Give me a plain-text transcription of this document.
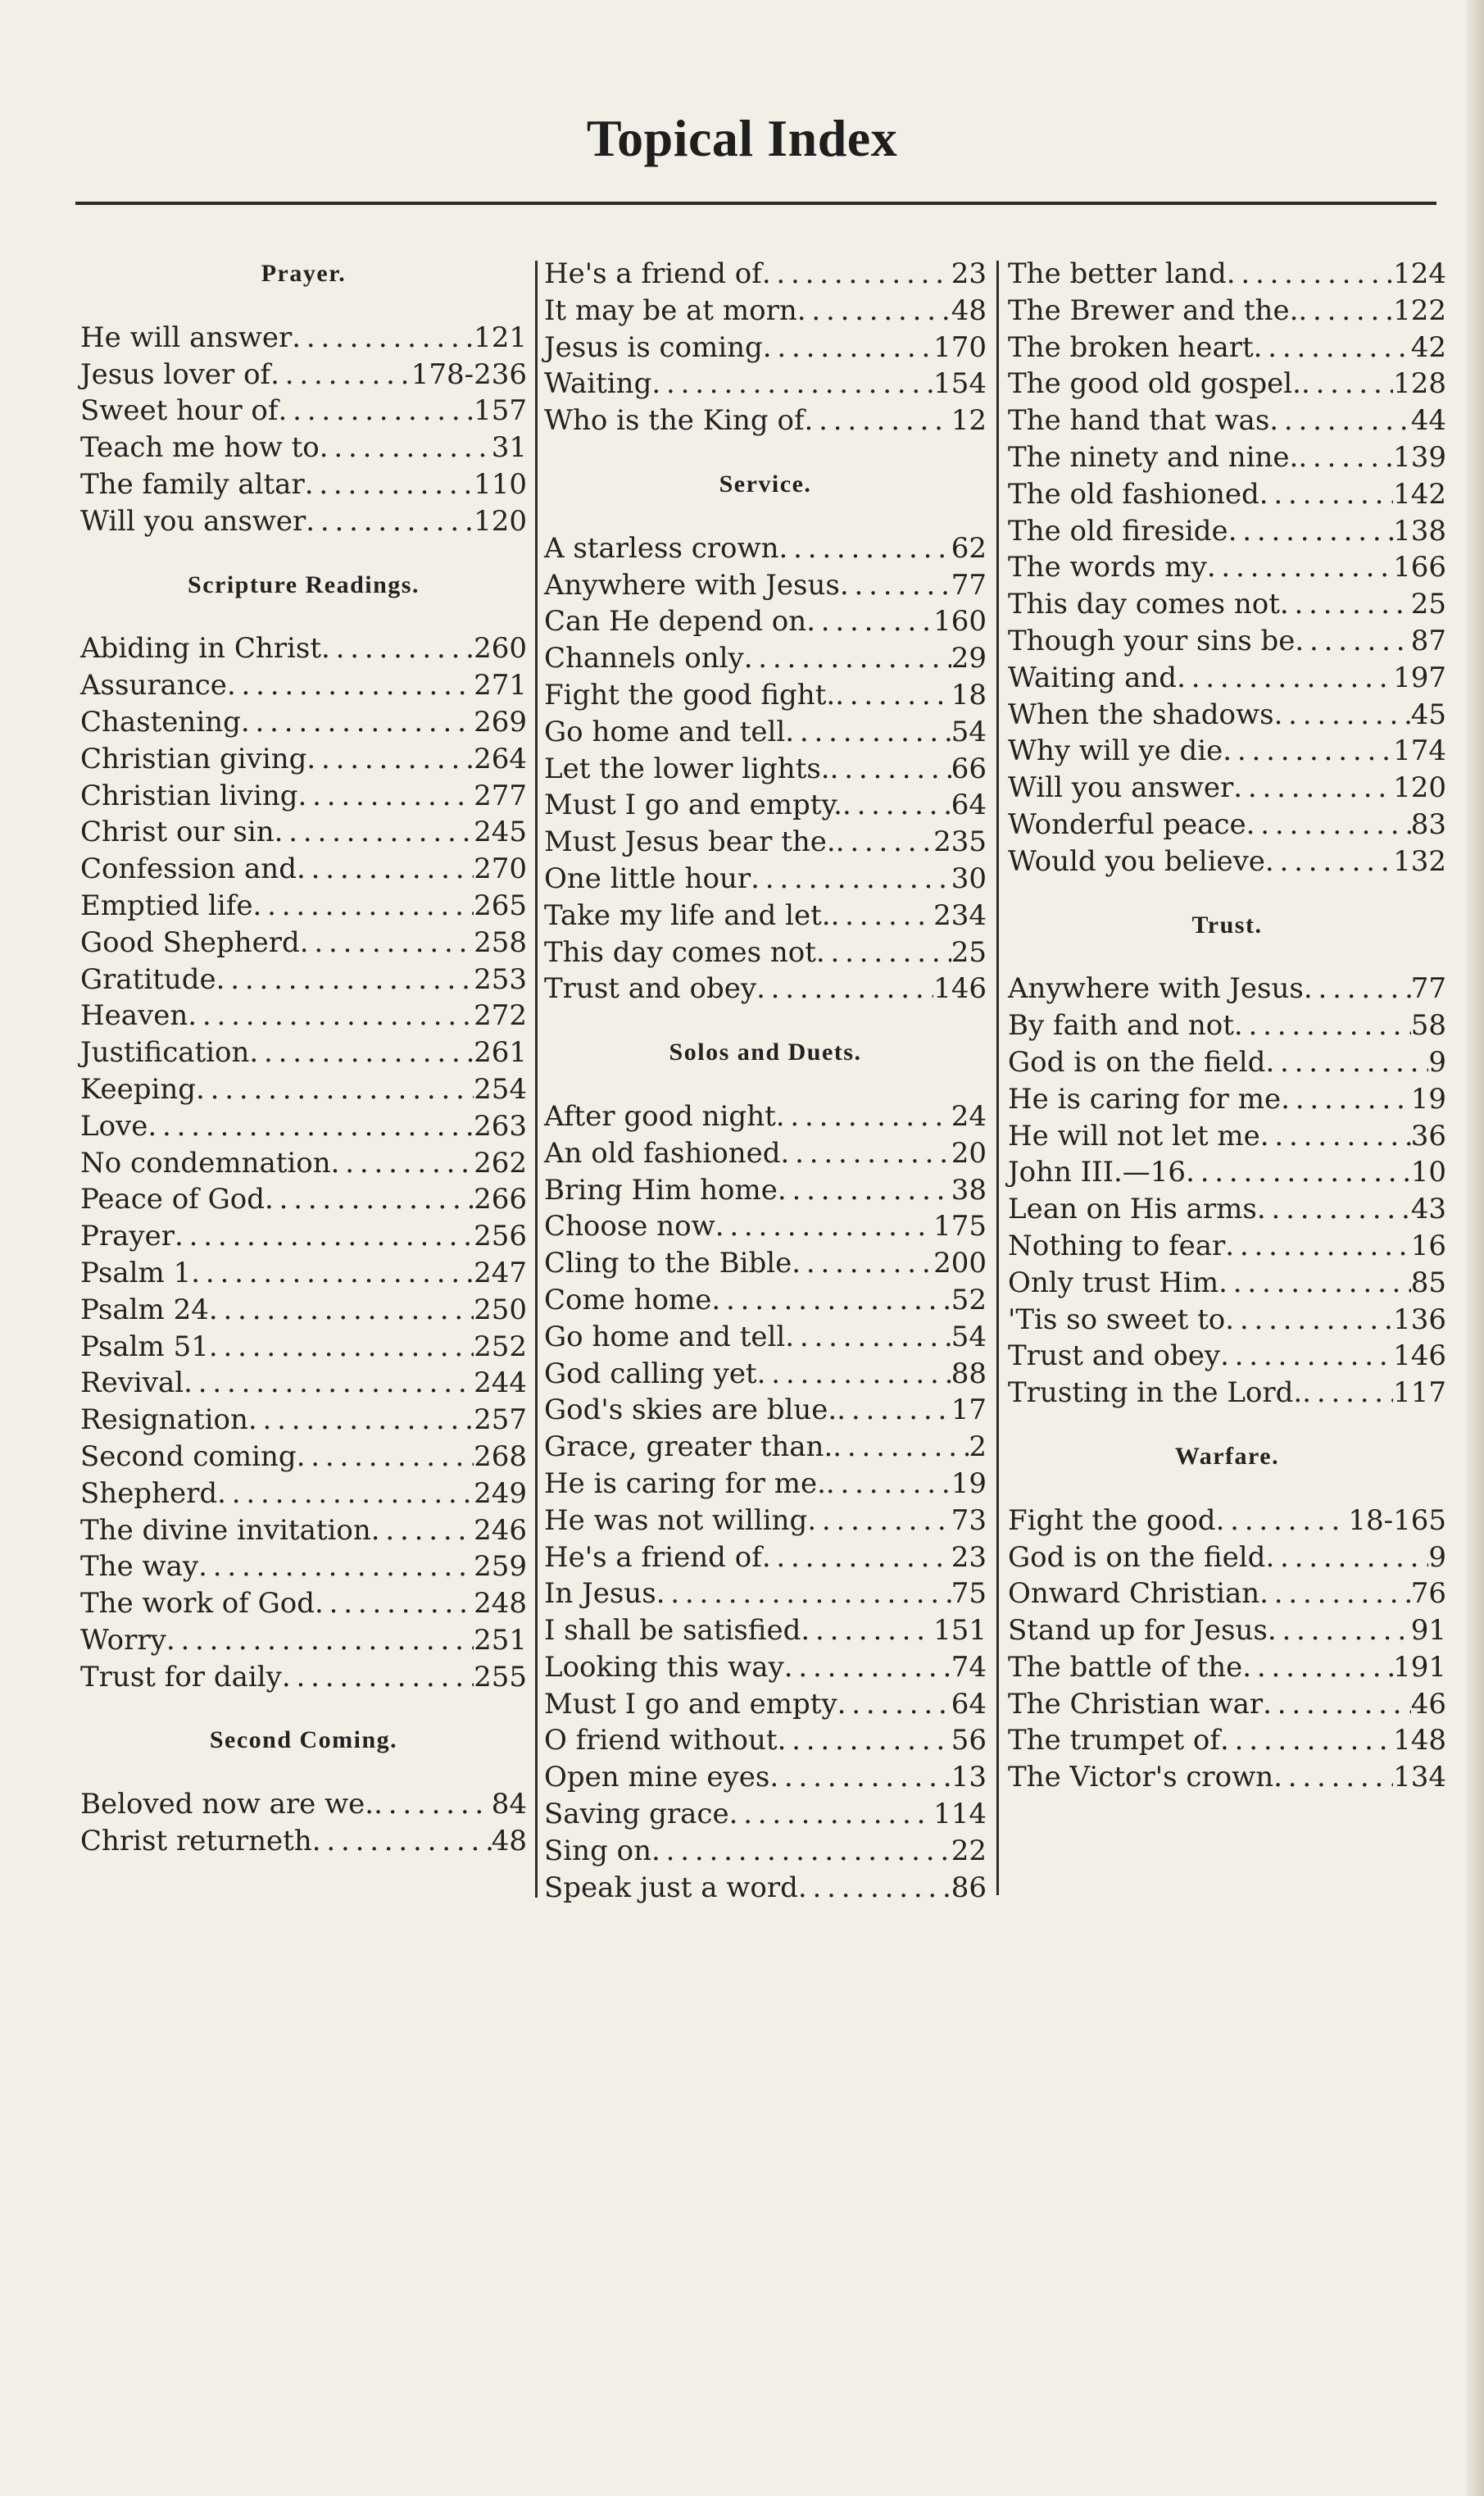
Topical Index
Prayer.
He will answer . . .	121
Jesus lover of . . .	178-236
Sweet hour of . . .	157
Teach me how to . . .	31
The family altar . . .	110
Will you answer . . .	120
Scripture Readings.
Abiding in Christ . . .	260
Assurance . . .	271
Chastening . . .	269
Christian giving . . .	264
Christian living . . .	277
Christ our sin . . .	245
Confession and . . .	270
Emptied life . . .	265
Good Shepherd . . .	258
Gratitude . . .	253
Heaven . . .	272
Justification . . .	261
Keeping . . .	254
Love . . .	263
No condemnation . . .	262
Peace of God . . .	266
Prayer . . .	256
Psalm 1 . . .	247
Psalm 24 . . .	250
Psalm 51 . . .	252
Revival . . .	244
Resignation . . .	257
Second coming . . .	268
Shepherd . . .	249
The divine invitation . . .	246
The way . . .	259
The work of God . . .	248
Worry . . .	251
Trust for daily . . .	255
Second Coming.
Beloved now are we. . . .	84
Christ returneth . . .	48
He's a friend of . . .	23
It may be at morn . . .	48
Jesus is coming . . .	170
Waiting . . .	154
Who is the King of . . .	12
Service.
A starless crown . . .	62
Anywhere with Jesus . . .	77
Can He depend on . . .	160
Channels only . . .	29
Fight the good fight. . . .	18
Go home and tell . . .	54
Let the lower lights. . . .	66
Must I go and empty. . . .	64
Must Jesus bear the. . . .	235
One little hour . . .	30
Take my life and let. . . .	234
This day comes not . . .	25
Trust and obey . . .	146
Solos and Duets.
After good night . . .	24
An old fashioned . . .	20
Bring Him home . . .	38
Choose now . . .	175
Cling to the Bible . . .	200
Come home . . .	52
Go home and tell . . .	54
God calling yet . . .	88
God's skies are blue. . . .	17
Grace, greater than. . . .	2
He is caring for me. . . .	19
He was not willing . . .	73
He's a friend of . . .	23
In Jesus . . .	75
I shall be satisfied . . .	151
Looking this way . . .	74
Must I go and empty . . .	64
O friend without . . .	56
Open mine eyes . . .	13
Saving grace . . .	114
Sing on . . .	22
Speak just a word . . .	86
The better land . . .	124
The Brewer and the. . . .	122
The broken heart . . .	42
The good old gospel. . . .	128
The hand that was . . .	44
The ninety and nine. . . .	139
The old fashioned . . .	142
The old fireside . . .	138
The words my . . .	166
This day comes not . . .	25
Though your sins be . . .	87
Waiting and . . .	197
When the shadows . . .	45
Why will ye die . . .	174
Will you answer . . .	120
Wonderful peace . . .	83
Would you believe . . .	132
Trust.
Anywhere with Jesus . . .	77
By faith and not . . .	58
God is on the field . . .	9
He is caring for me . . .	19
He will not let me . . .	36
John III.—16 . . .	10
Lean on His arms . . .	43
Nothing to fear . . .	16
Only trust Him . . .	85
'Tis so sweet to . . .	136
Trust and obey . . .	146
Trusting in the Lord. . . .	117
Warfare.
Fight the good . . .	18-165
God is on the field . . .	9
Onward Christian . . .	76
Stand up for Jesus . . .	91
The battle of the . . .	191
The Christian war . . .	46
The trumpet of . . .	148
The Victor's crown . . .	134
